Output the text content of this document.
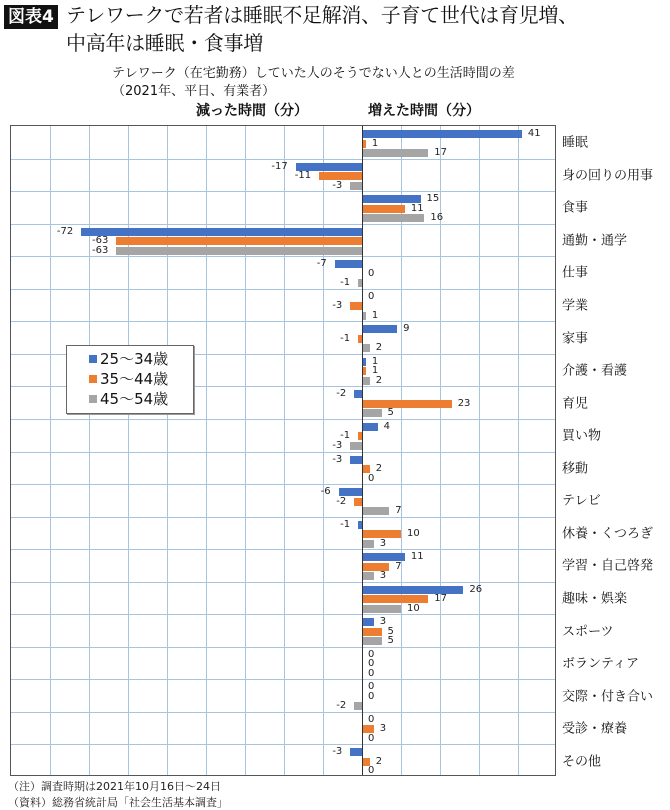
図表4 テレワークで若者は睡眠不足解消、子育て世代は育児増、
中高年は睡眠・食事増
テレワーク（在宅勤務）していた人のそうでない人との生活時間の差
（2021年、平日、有業者）
減った時間（分）	増えた時間（分）
41
1
17
-17
-11
-3
15
11
16
-72
-63
-63
-7
0
-1
0
-3
1
9
-1
2
1
1
2
-2
23
5
4
-1
-3
-3
2
0
-6
-2
7
-1
10
3
11
7
3
26
17
10
3
5
5
0
0
0
0
0
-2
0
3
0
-3
2
0
睡眠
身の回りの用事
食事
通勤・通学
仕事
学業
家事
介護・看護
育児
買い物
移動
テレビ
休養・くつろぎ
学習・自己啓発
趣味・娯楽
スポーツ
ボランティア
交際・付き合い
受診・療養
その他
25～34歳
35～44歳
45～54歳
（注）調査時期は2021年10月16日～24日
（資料）総務省統計局「社会生活基本調査」
